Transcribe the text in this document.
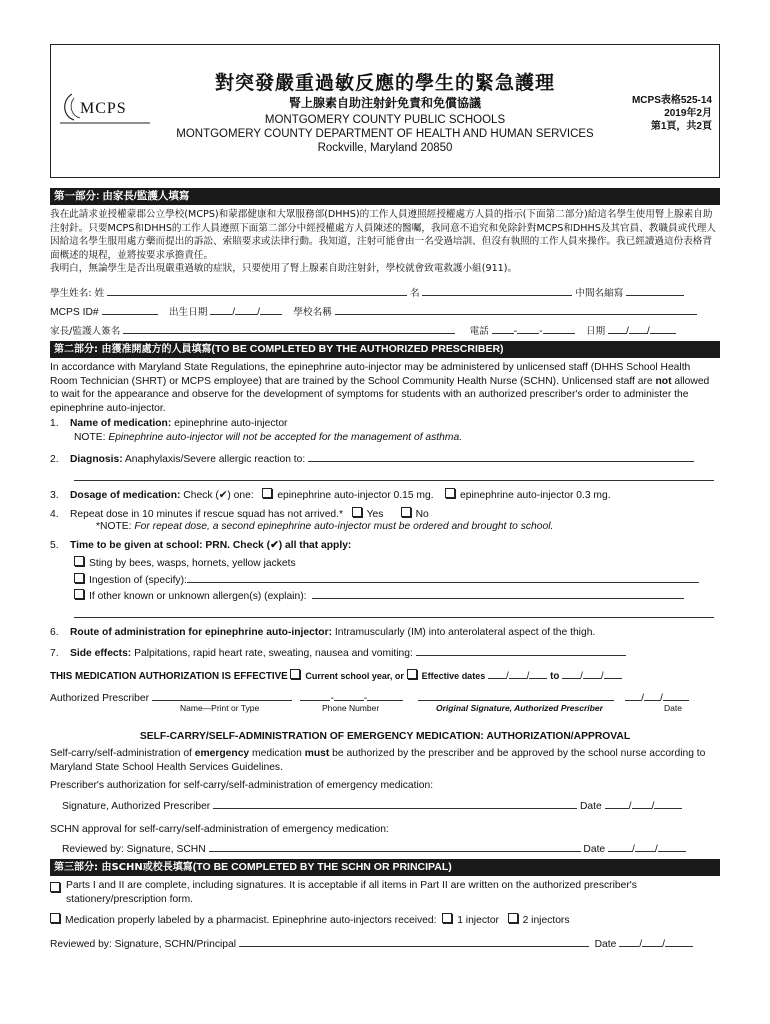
MCPS
對突發嚴重過敏反應的學生的緊急護理
腎上腺素自助注射針免責和免償協議
MONTGOMERY COUNTY PUBLIC SCHOOLS
MONTGOMERY COUNTY DEPARTMENT OF HEALTH AND HUMAN SERVICES
Rockville, Maryland 20850
MCPS表格525-14
2019年2月
第1頁，共2頁
第一部分: 由家長/監護人填寫
我在此請求並授權蒙郡公立學校(MCPS)和蒙郡健康和大眾服務部(DHHS)的工作人員遵照經授權處方人員的指示(下面第二部分)給這名學生使用腎上腺素自助注射針。只要MCPS和DHHS的工作人員遵照下面第二部分中經授權處方人員陳述的醫囑，我同意不追究和免除針對MCPS和DHHS及其官員、教職員或代理人因給這名學生服用處方藥而提出的訴訟、索賠要求或法律行動。我知道，注射可能會由一名受過培訓、但沒有執照的工作人員來操作。我已經讀過這份表格背面概述的規程，並將按要求承擔責任。
我明白，無論學生是否出現嚴重過敏的症狀，只要使用了腎上腺素自助注射針，學校就會致電救護小組(911)。
學生姓名: 姓	名	中間名縮寫
MCPS ID#	出生日期 / /	學校名稱
家長/監護人簽名	電話 - -	日期 / /
第二部分: 由獲准開處方的人員填寫(TO BE COMPLETED BY THE AUTHORIZED PRESCRIBER)
In accordance with Maryland State Regulations, the epinephrine auto-injector may be administered by unlicensed staff (DHHS School Health Room Technician (SHRT) or MCPS employee) that are trained by the School Community Health Nurse (SCHN). Unlicensed staff are not allowed to wait for the appearance and observe for the development of symptoms for students with an authorized prescriber's order to administer the epinephrine auto-injector.
1. Name of medication: epinephrine auto-injector
NOTE: Epinephrine auto-injector will not be accepted for the management of asthma.
2. Diagnosis: Anaphylaxis/Severe allergic reaction to:
3. Dosage of medication: Check (✔) one: epinephrine auto-injector 0.15 mg.	epinephrine auto-injector 0.3 mg.
4. Repeat dose in 10 minutes if rescue squad has not arrived.* Yes	No
*NOTE: For repeat dose, a second epinephrine auto-injector must be ordered and brought to school.
5. Time to be given at school: PRN. Check (✔) all that apply:
Sting by bees, wasps, hornets, yellow jackets
Ingestion of (specify):
If other known or unknown allergen(s) (explain):
6. Route of administration for epinephrine auto-injector: Intramuscularly (IM) into anterolateral aspect of the thigh.
7. Side effects: Palpitations, rapid heart rate, sweating, nausea and vomiting:
THIS MEDICATION AUTHORIZATION IS EFFECTIVE Current school year, or Effective dates / / to / /
Authorized Prescriber	-	-	/ /
Name—Print or Type	Phone Number	Original Signature, Authorized Prescriber	Date
SELF-CARRY/SELF-ADMINISTRATION OF EMERGENCY MEDICATION: AUTHORIZATION/APPROVAL
Self-carry/self-administration of emergency medication must be authorized by the prescriber and be approved by the school nurse according to Maryland State School Health Services Guidelines.
Prescriber's authorization for self-carry/self-administration of emergency medication:
Signature, Authorized Prescriber	Date	/ /
SCHN approval for self-carry/self-administration of emergency medication:
Reviewed by: Signature, SCHN	Date	/ /
第三部分: 由SCHN或校長填寫(TO BE COMPLETED BY THE SCHN OR PRINCIPAL)
Parts I and II are complete, including signatures. It is acceptable if all items in Part II are written on the authorized prescriber's stationery/prescription form.
Medication properly labeled by a pharmacist. Epinephrine auto-injectors received: 1 injector 2 injectors
Reviewed by: Signature, SCHN/Principal	Date / /
